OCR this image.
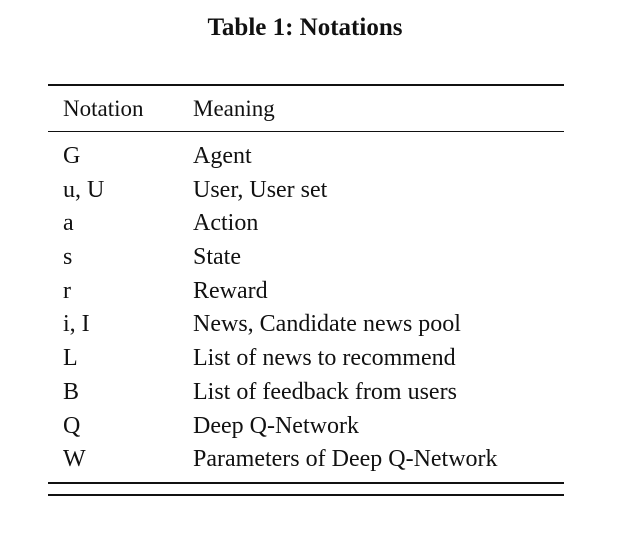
Table 1: Notations
Notation Meaning
G	Agent
u, U	User, User set
a	Action
s	State
r	Reward
i, I	News, Candidate news pool
L	List of news to recommend
B	List of feedback from users
Q	Deep Q-Network
W	Parameters of Deep Q-Network
